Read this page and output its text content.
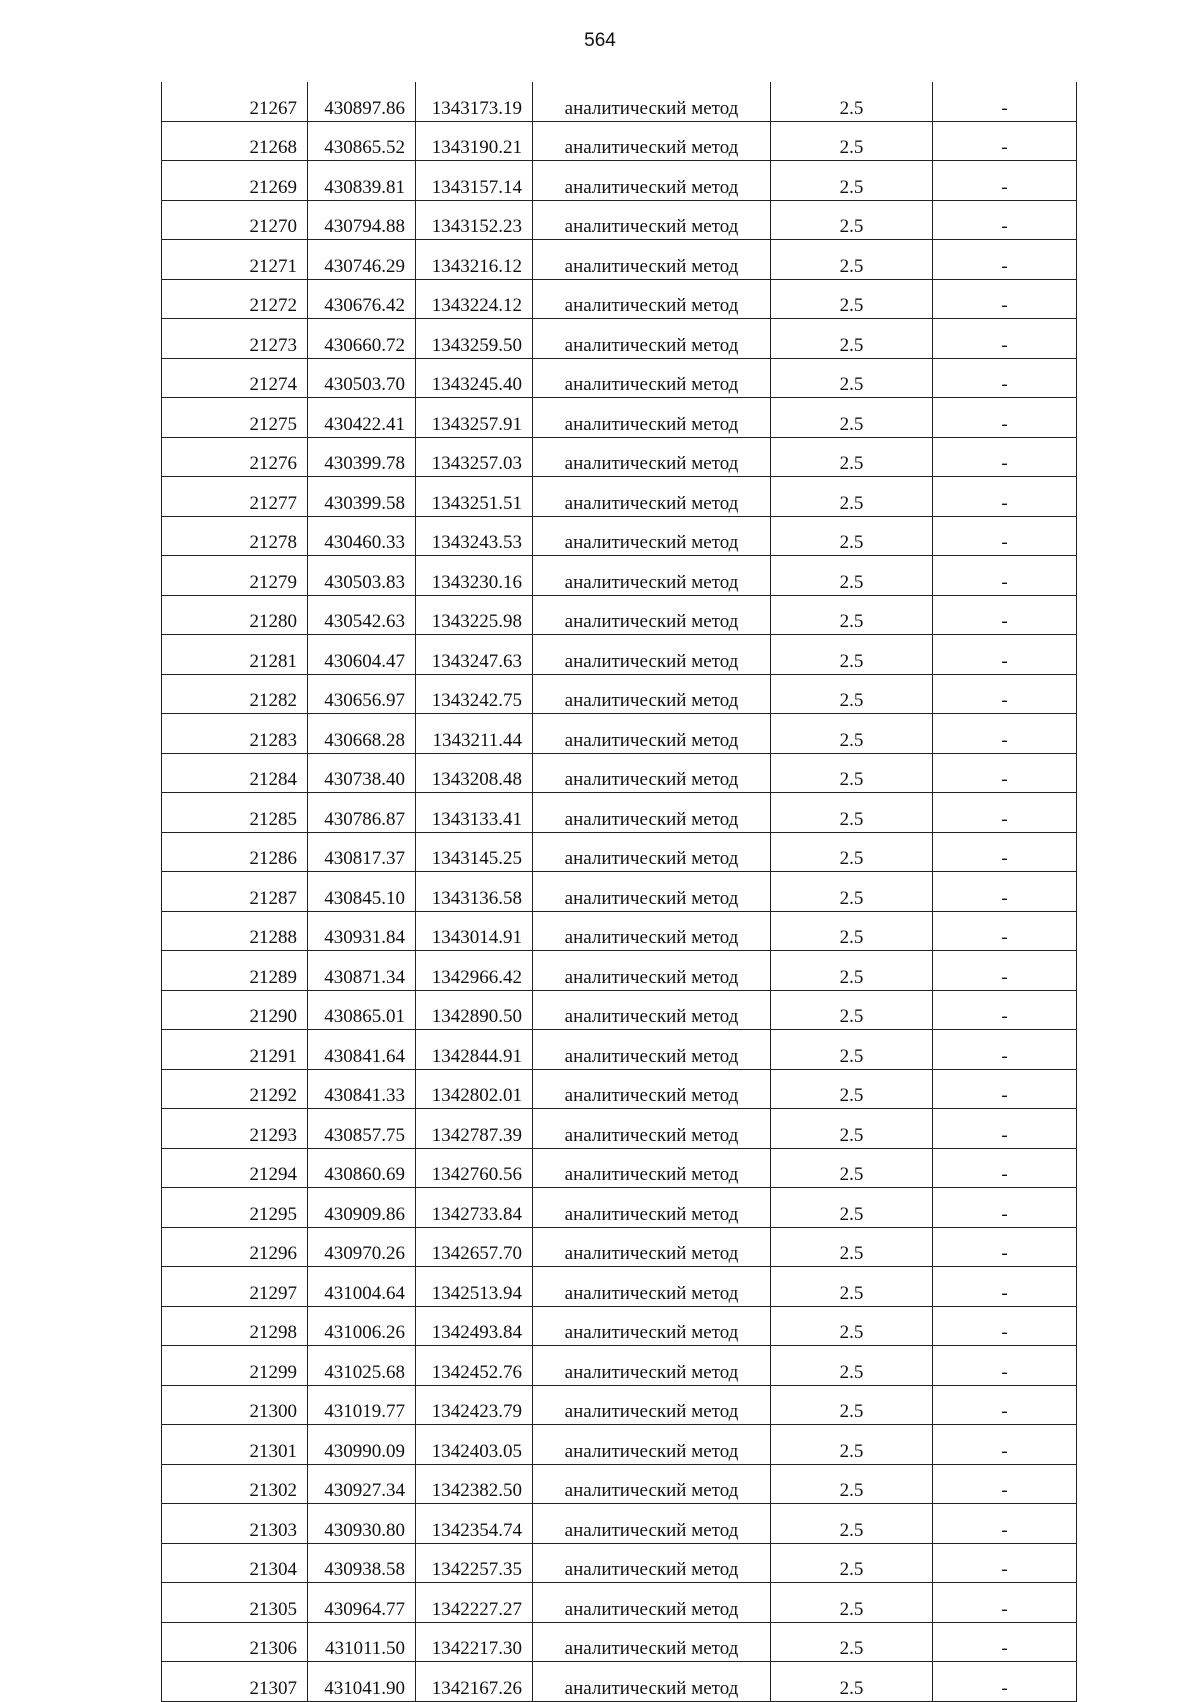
564
21267	430897.86	1343173.19	аналитический метод	2.5	-
21268	430865.52	1343190.21	аналитический метод	2.5	-
21269	430839.81	1343157.14	аналитический метод	2.5	-
21270	430794.88	1343152.23	аналитический метод	2.5	-
21271	430746.29	1343216.12	аналитический метод	2.5	-
21272	430676.42	1343224.12	аналитический метод	2.5	-
21273	430660.72	1343259.50	аналитический метод	2.5	-
21274	430503.70	1343245.40	аналитический метод	2.5	-
21275	430422.41	1343257.91	аналитический метод	2.5	-
21276	430399.78	1343257.03	аналитический метод	2.5	-
21277	430399.58	1343251.51	аналитический метод	2.5	-
21278	430460.33	1343243.53	аналитический метод	2.5	-
21279	430503.83	1343230.16	аналитический метод	2.5	-
21280	430542.63	1343225.98	аналитический метод	2.5	-
21281	430604.47	1343247.63	аналитический метод	2.5	-
21282	430656.97	1343242.75	аналитический метод	2.5	-
21283	430668.28	1343211.44	аналитический метод	2.5	-
21284	430738.40	1343208.48	аналитический метод	2.5	-
21285	430786.87	1343133.41	аналитический метод	2.5	-
21286	430817.37	1343145.25	аналитический метод	2.5	-
21287	430845.10	1343136.58	аналитический метод	2.5	-
21288	430931.84	1343014.91	аналитический метод	2.5	-
21289	430871.34	1342966.42	аналитический метод	2.5	-
21290	430865.01	1342890.50	аналитический метод	2.5	-
21291	430841.64	1342844.91	аналитический метод	2.5	-
21292	430841.33	1342802.01	аналитический метод	2.5	-
21293	430857.75	1342787.39	аналитический метод	2.5	-
21294	430860.69	1342760.56	аналитический метод	2.5	-
21295	430909.86	1342733.84	аналитический метод	2.5	-
21296	430970.26	1342657.70	аналитический метод	2.5	-
21297	431004.64	1342513.94	аналитический метод	2.5	-
21298	431006.26	1342493.84	аналитический метод	2.5	-
21299	431025.68	1342452.76	аналитический метод	2.5	-
21300	431019.77	1342423.79	аналитический метод	2.5	-
21301	430990.09	1342403.05	аналитический метод	2.5	-
21302	430927.34	1342382.50	аналитический метод	2.5	-
21303	430930.80	1342354.74	аналитический метод	2.5	-
21304	430938.58	1342257.35	аналитический метод	2.5	-
21305	430964.77	1342227.27	аналитический метод	2.5	-
21306	431011.50	1342217.30	аналитический метод	2.5	-
21307	431041.90	1342167.26	аналитический метод	2.5	-
